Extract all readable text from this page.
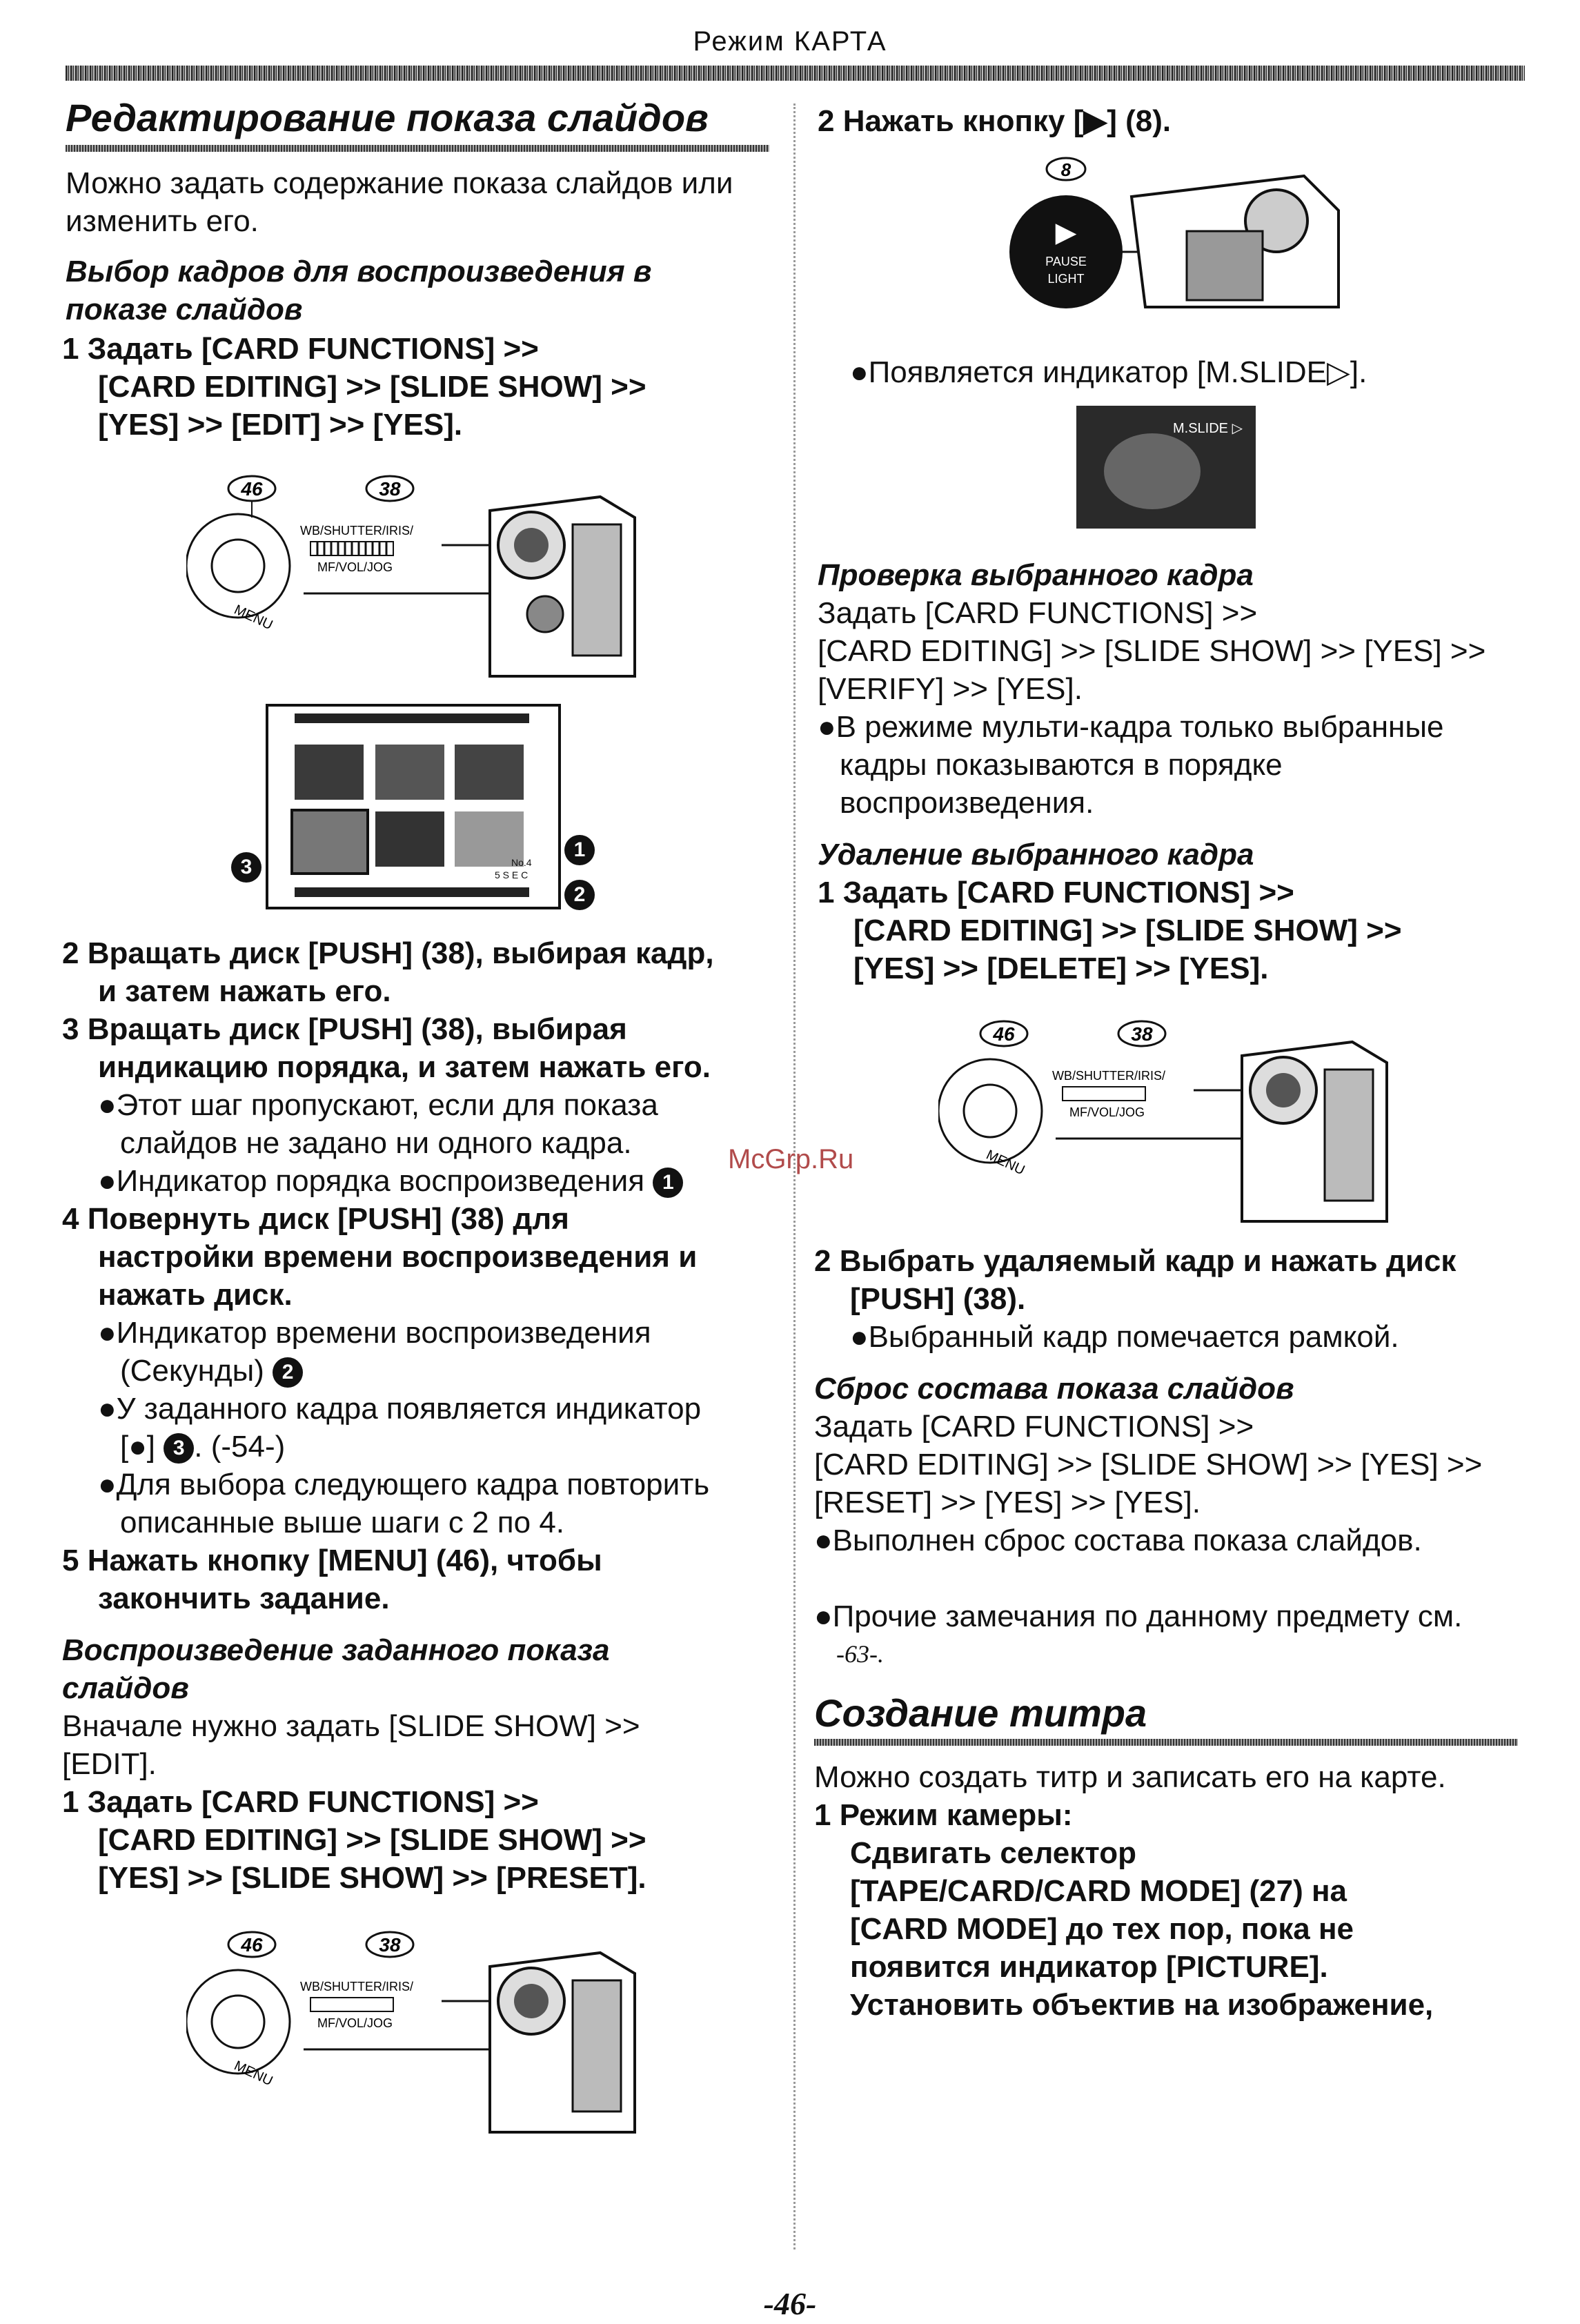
Режим КАРТА
Редактирование показа слайдов
Можно задать содержание показа слайдов или
изменить его.
Выбор кадров для воспроизведения в
показе слайдов
1 Задать [CARD FUNCTIONS] >>
[CARD EDITING] >> [SLIDE SHOW] >>
[YES] >> [EDIT] >> [YES].
46	38
MENU
WB/SHUTTER/IRIS/
MF/VOL/JOG
No.4
5 S E C
1
2
3
2 Вращать диск [PUSH] (38), выбирая кадр,
и затем нажать его.
3 Вращать диск [PUSH] (38), выбирая
индикацию порядка, и затем нажать его.
●Этот шаг пропускают, если для показа
слайдов не задано ни одного кадра.
●Индикатор порядка воспроизведения 1
4 Повернуть диск [PUSH] (38) для
настройки времени воспроизведения и
нажать диск.
●Индикатор времени воспроизведения
(Секунды) 2
●У заданного кадра появляется индикатор
[●] 3 . (-54-)
●Для выбора следующего кадра повторить
описанные выше шаги с 2 по 4.
5 Нажать кнопку [MENU] (46), чтобы
закончить задание.
Воспроизведение заданного показа
слайдов
Вначале нужно задать [SLIDE SHOW] >>
[EDIT].
1 Задать [CARD FUNCTIONS] >>
[CARD EDITING] >> [SLIDE SHOW] >>
[YES] >> [SLIDE SHOW] >> [PRESET].
46	38
MENU
WB/SHUTTER/IRIS/
MF/VOL/JOG
2 Нажать кнопку [▶] (8).
8
▶
PAUSE
LIGHT
●Появляется индикатор [M.SLIDE▷].
M.SLIDE ▷
Проверка выбранного кадра
Задать [CARD FUNCTIONS] >>
[CARD EDITING] >> [SLIDE SHOW] >> [YES] >>
[VERIFY] >> [YES].
●В режиме мульти-кадра только выбранные
кадры показываются в порядке
воспроизведения.
Удаление выбранного кадра
1 Задать [CARD FUNCTIONS] >>
[CARD EDITING] >> [SLIDE SHOW] >>
[YES] >> [DELETE] >> [YES].
46	38
MENU
WB/SHUTTER/IRIS/
MF/VOL/JOG
2 Выбрать удаляемый кадр и нажать диск
[PUSH] (38).
●Выбранный кадр помечается рамкой.
Сброс состава показа слайдов
Задать [CARD FUNCTIONS] >>
[CARD EDITING] >> [SLIDE SHOW] >> [YES] >>
[RESET] >> [YES] >> [YES].
●Выполнен сброс состава показа слайдов.
●Прочие замечания по данному предмету см.
-63-.
Создание титра
Можно создать титр и записать его на карте.
1 Режим камеры:
Сдвигать селектор
[TAPE/CARD/CARD MODE] (27) на
[CARD MODE] до тех пор, пока не
появится индикатор [PICTURE].
Установить объектив на изображение,
McGrp.Ru
-46-
